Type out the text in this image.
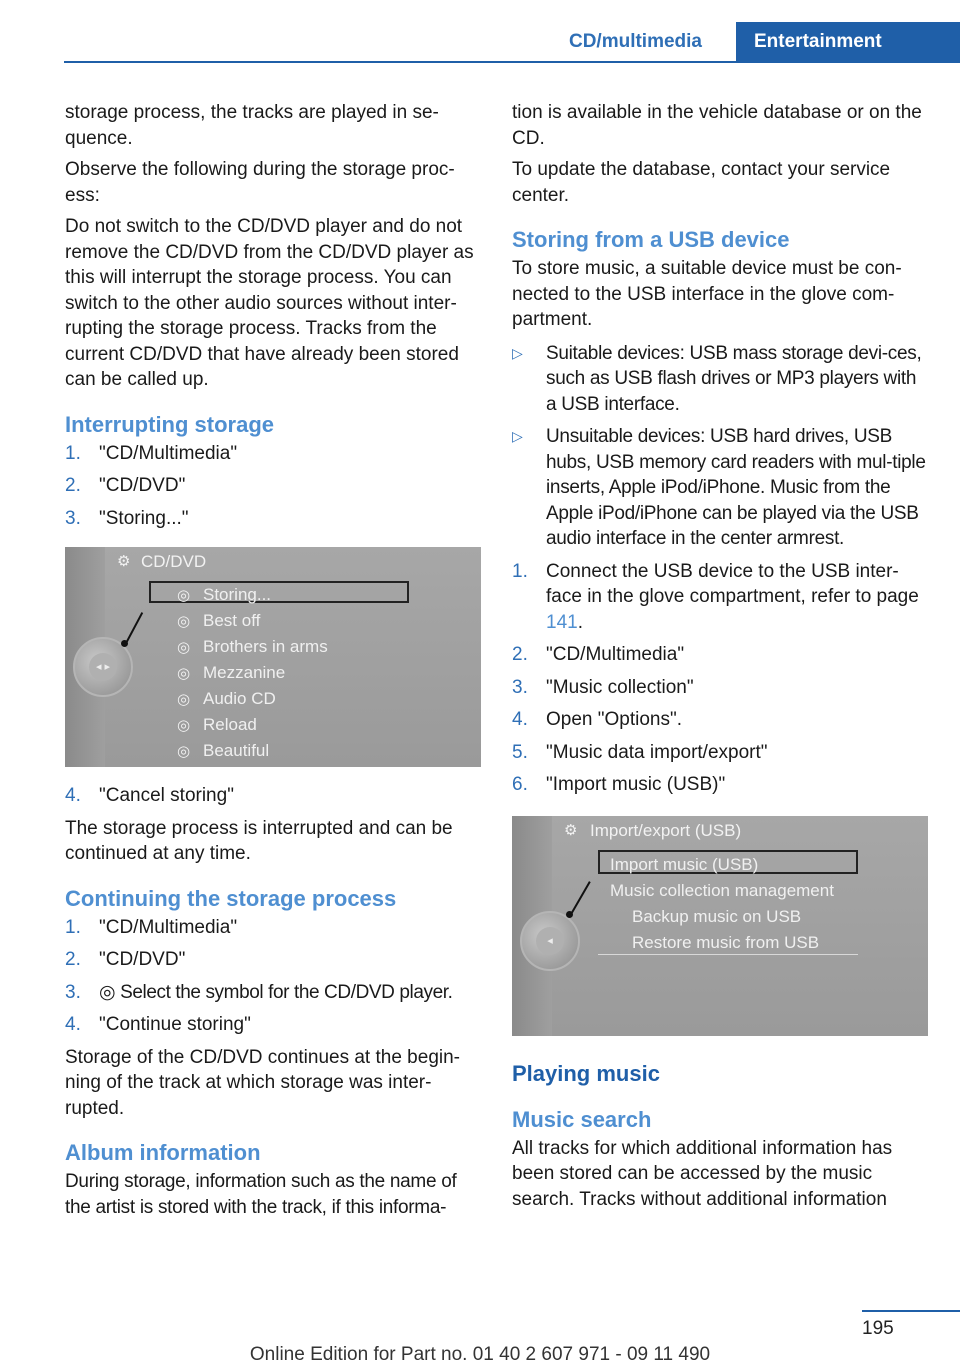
CD/multimedia	Entertainment

storage process, the tracks are played in se-quence.

Observe the following during the storage proc-ess:

Do not switch to the CD/DVD player and do not remove the CD/DVD from the CD/DVD player as this will interrupt the storage process. You can switch to the other audio sources without inter-rupting the storage process. Tracks from the current CD/DVD that have already been stored can be called up.

Interrupting storage
1. "CD/Multimedia"
2. "CD/DVD"
3. "Storing..."
◂ ▸
⚙ CD/DVD
◎ Storing...
◎ Best off
◎ Brothers in arms
◎ Mezzanine
◎ Audio CD
◎ Reload
◎ Beautiful
4. "Cancel storing"

The storage process is interrupted and can be continued at any time.

Continuing the storage process
1. "CD/Multimedia"
2. "CD/DVD"
3. ◎ Select the symbol for the CD/DVD player.
4. "Continue storing"

Storage of the CD/DVD continues at the begin-ning of the track at which storage was inter-rupted.

Album information

During storage, information such as the name of the artist is stored with the track, if this informa-

tion is available in the vehicle database or on the CD.

To update the database, contact your service center.

Storing from a USB device

To store music, a suitable device must be con-nected to the USB interface in the glove com-partment.

▷	Suitable devices: USB mass storage devi-ces, such as USB flash drives or MP3 players with a USB interface.
▷	Unsuitable devices: USB hard drives, USB hubs, USB memory card readers with mul-tiple inserts, Apple iPod/iPhone. Music from the Apple iPod/iPhone can be played via the USB audio interface in the center armrest.
1. Connect the USB device to the USB inter-face in the glove compartment, refer to page 141.
2. "CD/Multimedia"
3. "Music collection"
4. Open "Options".
5. "Music data import/export"
6. "Import music (USB)"
◂
⚙ Import/export (USB)
Import music (USB)
Music collection management
Backup music on USB
Restore music from USB
Playing music
Music search

All tracks for which additional information has been stored can be accessed by the music search. Tracks without additional information

195
Online Edition for Part no. 01 40 2 607 971 - 09 11 490
